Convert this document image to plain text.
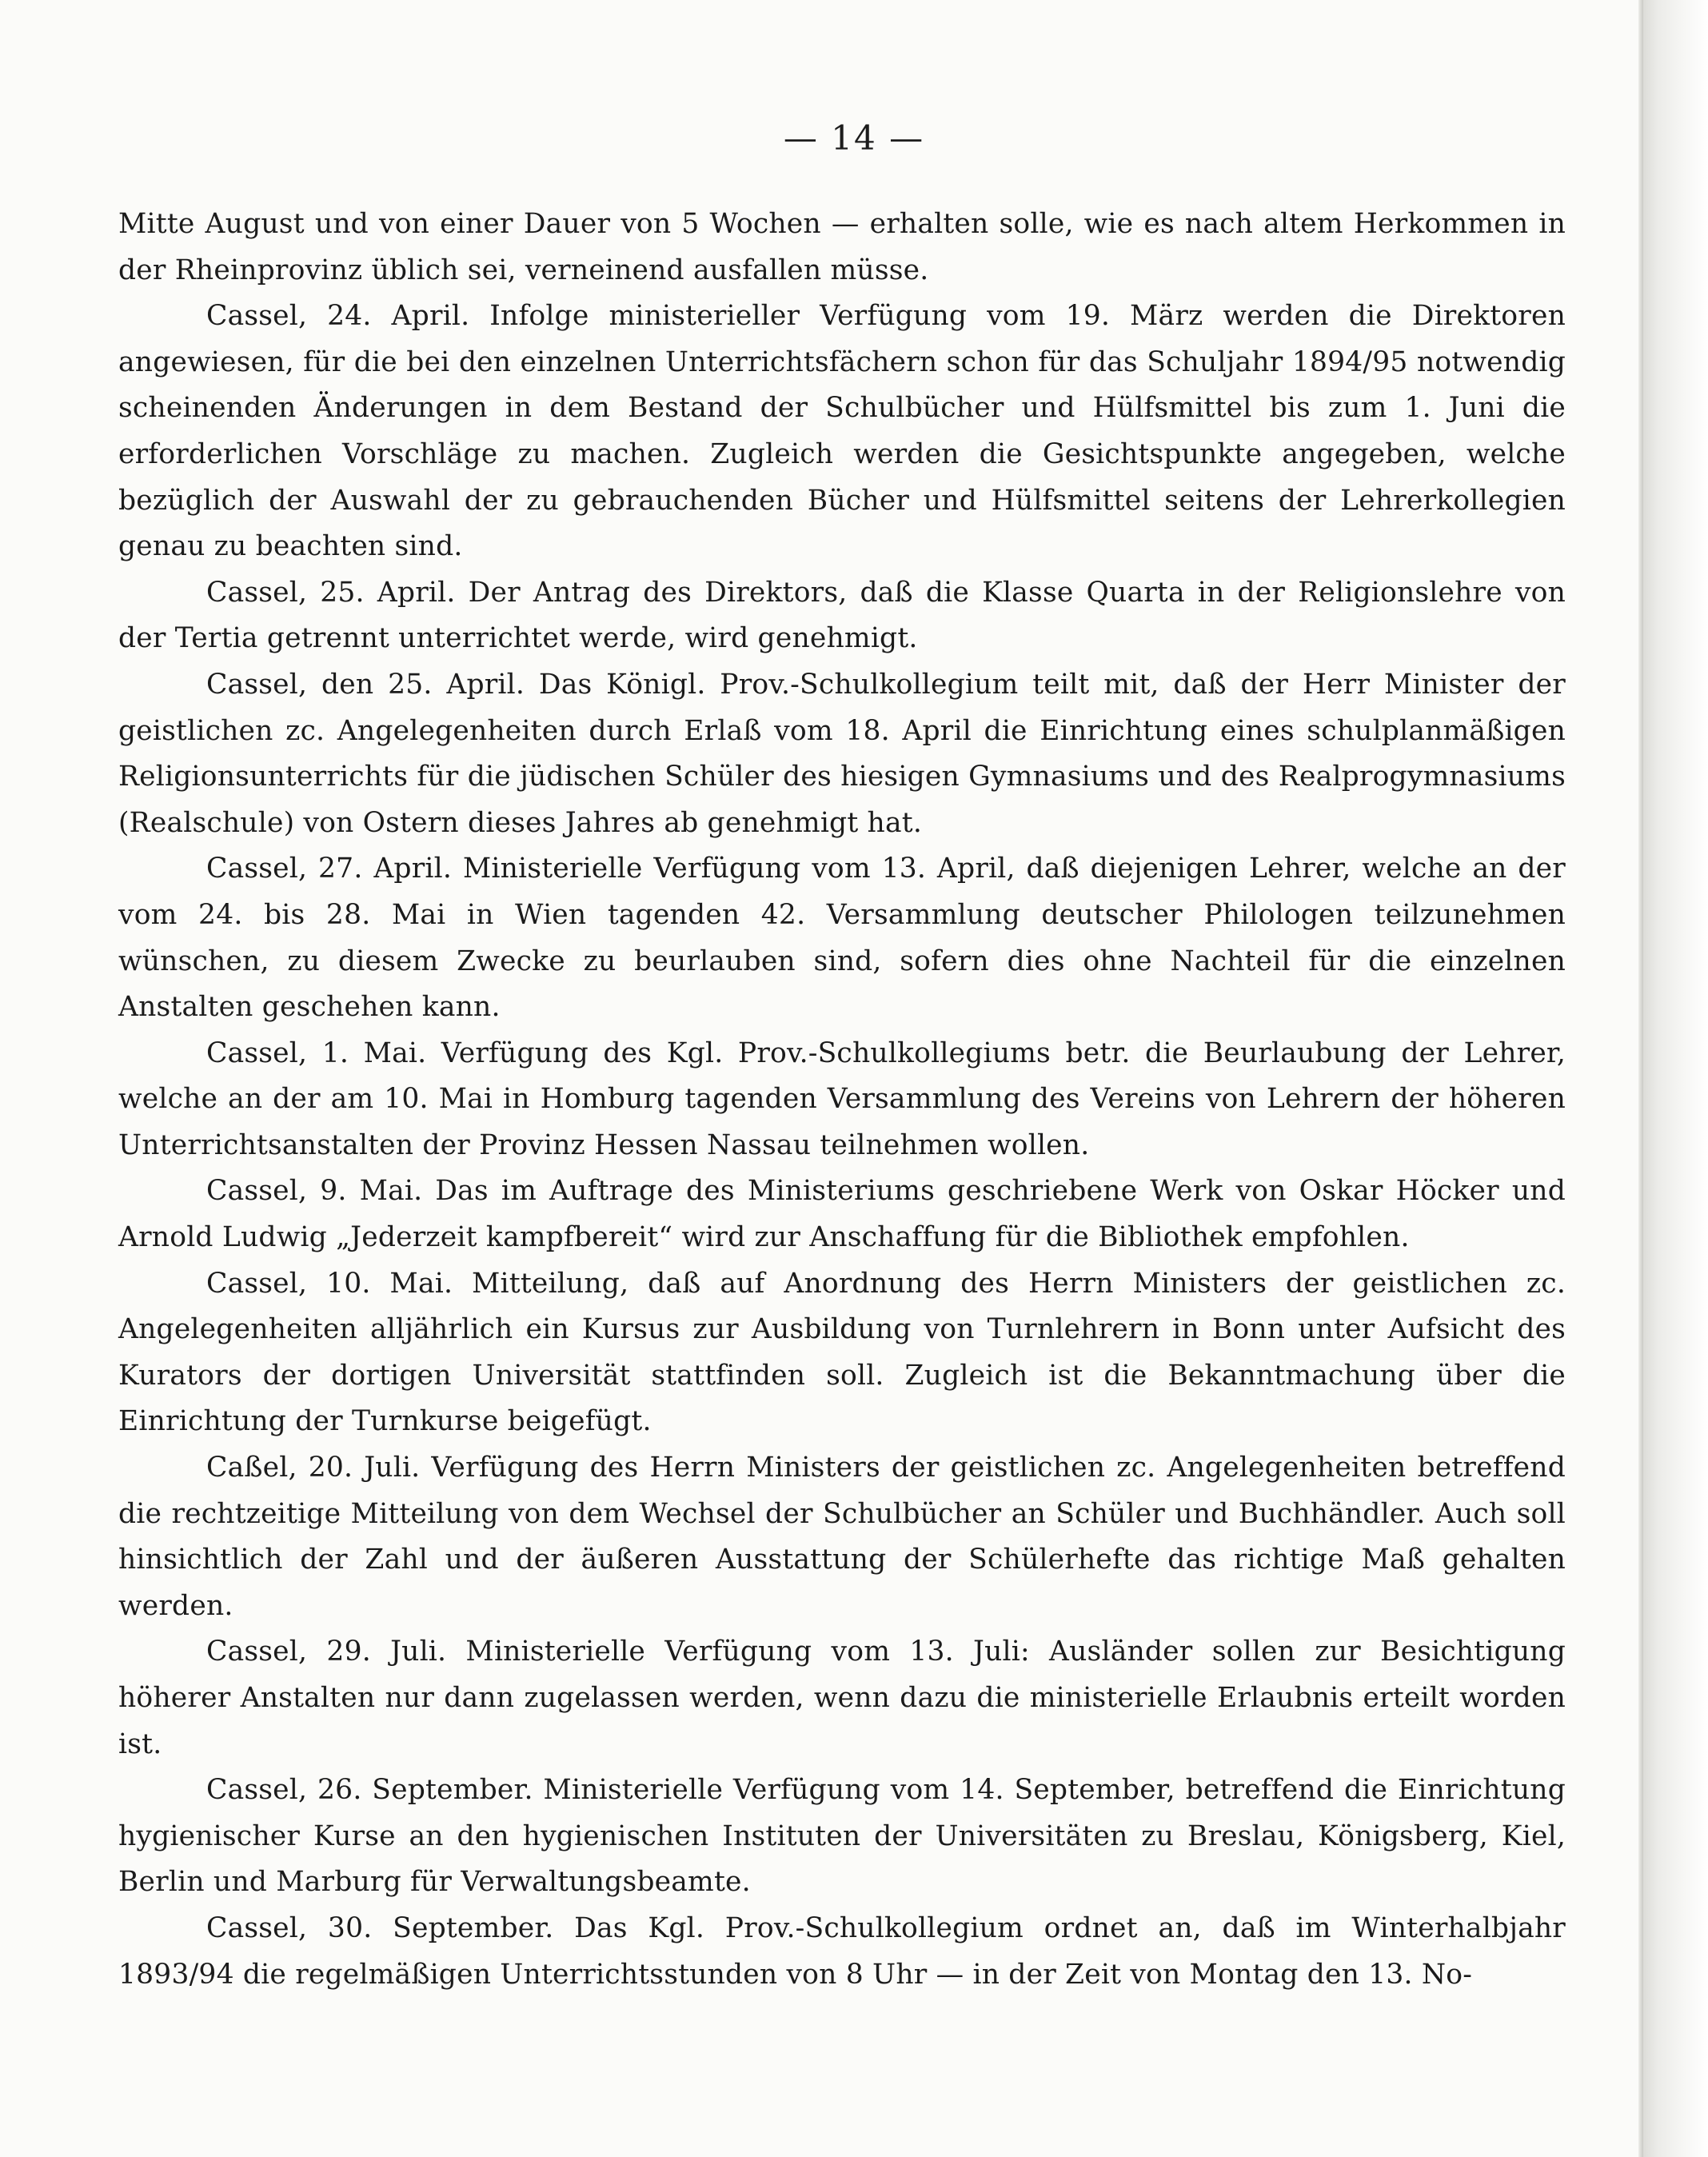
— 14 —

Mitte August und von einer Dauer von 5 Wochen — erhalten solle, wie es nach altem Herkommen in der Rheinprovinz üblich sei, verneinend ausfallen müsse.

Cassel, 24. April. Infolge ministerieller Verfügung vom 19. März werden die Direktoren angewiesen, für die bei den einzelnen Unterrichtsfächern schon für das Schuljahr 1894/95 notwendig scheinenden Änderungen in dem Bestand der Schulbücher und Hülfsmittel bis zum 1. Juni die erforderlichen Vorschläge zu machen. Zugleich werden die Gesichtspunkte angegeben, welche bezüglich der Auswahl der zu gebrauchenden Bücher und Hülfsmittel seitens der Lehrerkollegien genau zu beachten sind.

Cassel, 25. April. Der Antrag des Direktors, daß die Klasse Quarta in der Religionslehre von der Tertia getrennt unterrichtet werde, wird genehmigt.

Cassel, den 25. April. Das Königl. Prov.-Schulkollegium teilt mit, daß der Herr Minister der geistlichen zc. Angelegenheiten durch Erlaß vom 18. April die Einrichtung eines schulplanmäßigen Religionsunterrichts für die jüdischen Schüler des hiesigen Gymnasiums und des Realprogymnasiums (Realschule) von Ostern dieses Jahres ab genehmigt hat.

Cassel, 27. April. Ministerielle Verfügung vom 13. April, daß diejenigen Lehrer, welche an der vom 24. bis 28. Mai in Wien tagenden 42. Versammlung deutscher Philologen teilzunehmen wünschen, zu diesem Zwecke zu beurlauben sind, sofern dies ohne Nachteil für die einzelnen Anstalten geschehen kann.

Cassel, 1. Mai. Verfügung des Kgl. Prov.-Schulkollegiums betr. die Beurlaubung der Lehrer, welche an der am 10. Mai in Homburg tagenden Versammlung des Vereins von Lehrern der höheren Unterrichtsanstalten der Provinz Hessen Nassau teilnehmen wollen.

Cassel, 9. Mai. Das im Auftrage des Ministeriums geschriebene Werk von Oskar Höcker und Arnold Ludwig „Jederzeit kampfbereit“ wird zur Anschaffung für die Bibliothek empfohlen.

Cassel, 10. Mai. Mitteilung, daß auf Anordnung des Herrn Ministers der geistlichen zc. Angelegenheiten alljährlich ein Kursus zur Ausbildung von Turnlehrern in Bonn unter Aufsicht des Kurators der dortigen Universität stattfinden soll. Zugleich ist die Bekanntmachung über die Einrichtung der Turnkurse beigefügt.

Caßel, 20. Juli. Verfügung des Herrn Ministers der geistlichen zc. Angelegenheiten betreffend die rechtzeitige Mitteilung von dem Wechsel der Schulbücher an Schüler und Buchhändler. Auch soll hinsichtlich der Zahl und der äußeren Ausstattung der Schülerhefte das richtige Maß gehalten werden.

Cassel, 29. Juli. Ministerielle Verfügung vom 13. Juli: Ausländer sollen zur Besichtigung höherer Anstalten nur dann zugelassen werden, wenn dazu die ministerielle Erlaubnis erteilt worden ist.

Cassel, 26. September. Ministerielle Verfügung vom 14. September, betreffend die Einrichtung hygienischer Kurse an den hygienischen Instituten der Universitäten zu Breslau, Königsberg, Kiel, Berlin und Marburg für Verwaltungsbeamte.

Cassel, 30. September. Das Kgl. Prov.-Schulkollegium ordnet an, daß im Winterhalbjahr 1893/94 die regelmäßigen Unterrichtsstunden von 8 Uhr — in der Zeit von Montag den 13. No-
